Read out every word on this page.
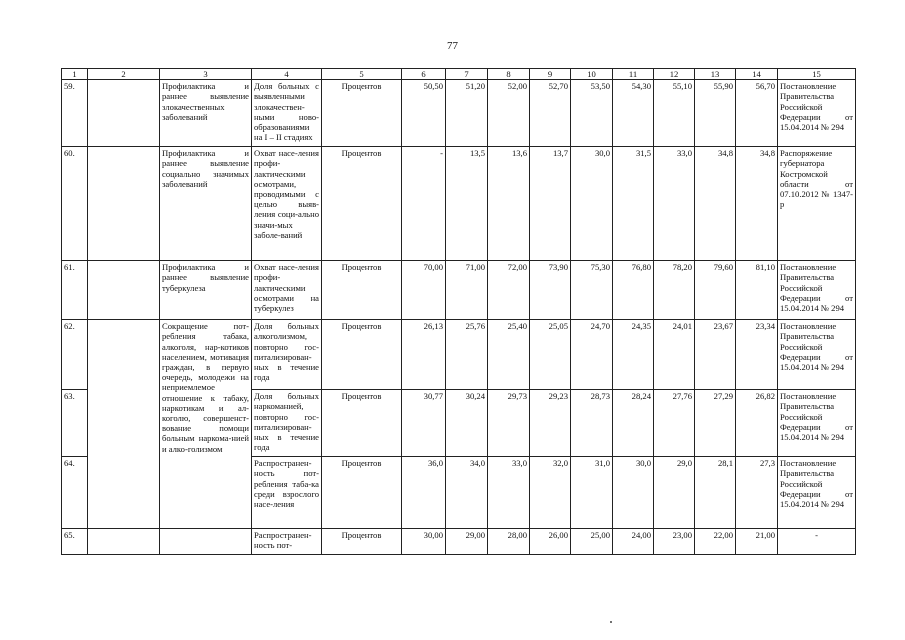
77
1	2	3	4	5	6	7	8	9	10	11	12	13	14	15
59.		Профилактика и раннее выявление злокачественных заболеваний	Доля больных с выявленными злокачествен-ными ново-образованиями на I – II стадиях	Процентов	50,50	51,20	52,00	52,70	53,50	54,30	55,10	55,90	56,70	Постановление Правительства Российской Федерации от 15.04.2014 № 294
60.		Профилактика и раннее выявление социально значимых заболеваний	Охват насе-ления профи-лактическими осмотрами, проводимыми с целью выяв-ления соци-ально значи-мых заболе-ваний	Процентов	-	13,5	13,6	13,7	30,0	31,5	33,0	34,8	34,8	Распоряжение губернатора Костромской области от 07.10.2012 № 1347-р
61.		Профилактика и раннее выявление туберкулеза	Охват насе-ления профи-лактическими осмотрами на туберкулез	Процентов	70,00	71,00	72,00	73,90	75,30	76,80	78,20	79,60	81,10	Постановление Правительства Российской Федерации от 15.04.2014 № 294
62.		Сокращение пот-ребления табака, алкоголя, нар-котиков населением, мотивация граждан, в первую очередь, молодежи на неприемлемое отношение к табаку, наркотикам и ал-коголю, совершенст-вование помощи больным наркома-нией и алко-голизмом	Доля больных алкоголизмом, повторно гос-питализирован-ных в течение года	Процентов	26,13	25,76	25,40	25,05	24,70	24,35	24,01	23,67	23,34	Постановление Правительства Российской Федерации от 15.04.2014 № 294
63.			Доля больных наркоманией, повторно гос-питализирован-ных в течение года	Процентов	30,77	30,24	29,73	29,23	28,73	28,24	27,76	27,29	26,82	Постановление Правительства Российской Федерации от 15.04.2014 № 294
64.			Распространен-ность пот-ребления таба-ка среди взрослого насе-ления	Процентов	36,0	34,0	33,0	32,0	31,0	30,0	29,0	28,1	27,3	Постановление Правительства Российской Федерации от 15.04.2014 № 294
65.			Распространен-ность пот-	Процентов	30,00	29,00	28,00	26,00	25,00	24,00	23,00	22,00	21,00	-
